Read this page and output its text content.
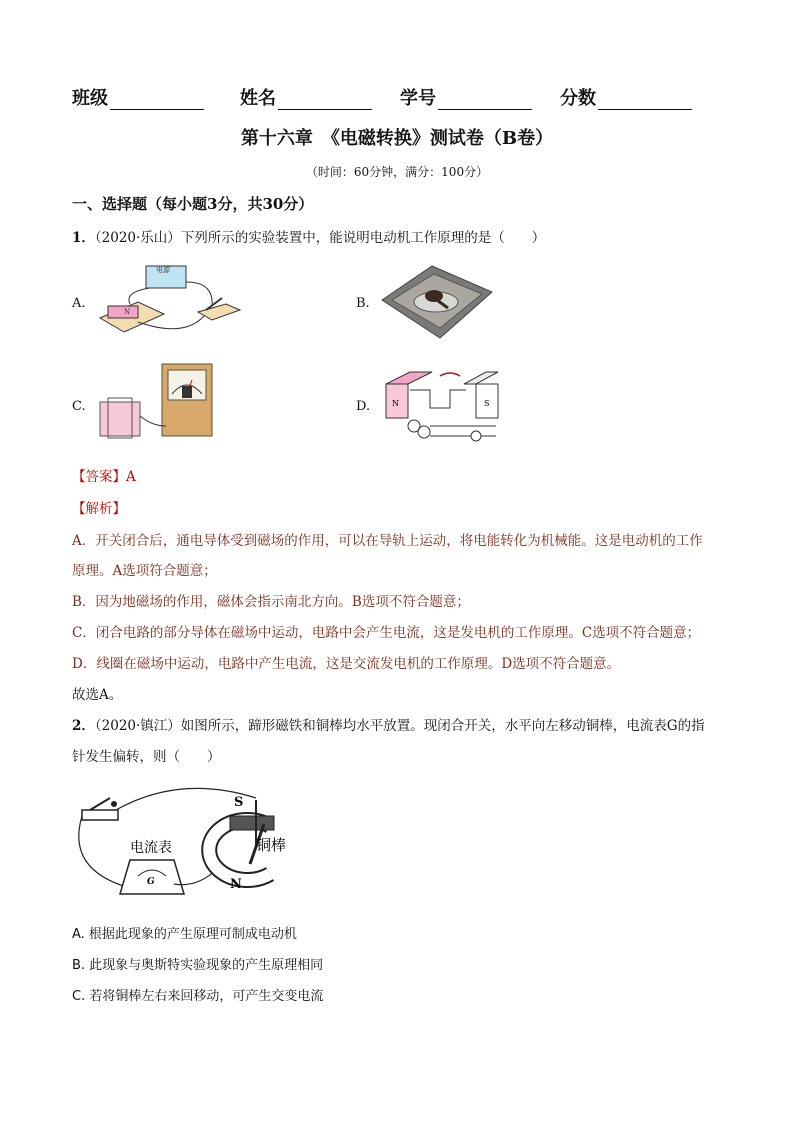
班级	姓名	学号	分数
第十六章　《电磁转换》测试卷（B卷）
（时间：60分钟，满分：100分）
一、选择题（每小题3分，共30分）
1．（2020·乐山）下列所示的实验装置中，能说明电动机工作原理的是（　　）
A.
电源
N
B.
C.	D.	N	S
【答案】A
【解析】
A．开关闭合后，通电导体受到磁场的作用，可以在导轨上运动，将电能转化为机械能。这是电动机的工作
原理。A选项符合题意；
B．因为地磁场的作用，磁体会指示南北方向。B选项不符合题意；
C．闭合电路的部分导体在磁场中运动，电路中会产生电流，这是发电机的工作原理。C选项不符合题意；
D．线圈在磁场中运动，电路中产生电流，这是交流发电机的工作原理。D选项不符合题意。
故选A。
2．（2020·镇江）如图所示，蹄形磁铁和铜棒均水平放置。现闭合开关，水平向左移动铜棒，电流表G的指
针发生偏转，则（　　）
电流表
G
S
N
铜棒
A. 根据此现象的产生原理可制成电动机
B. 此现象与奥斯特实验现象的产生原理相同
C. 若将铜棒左右来回移动，可产生交变电流
